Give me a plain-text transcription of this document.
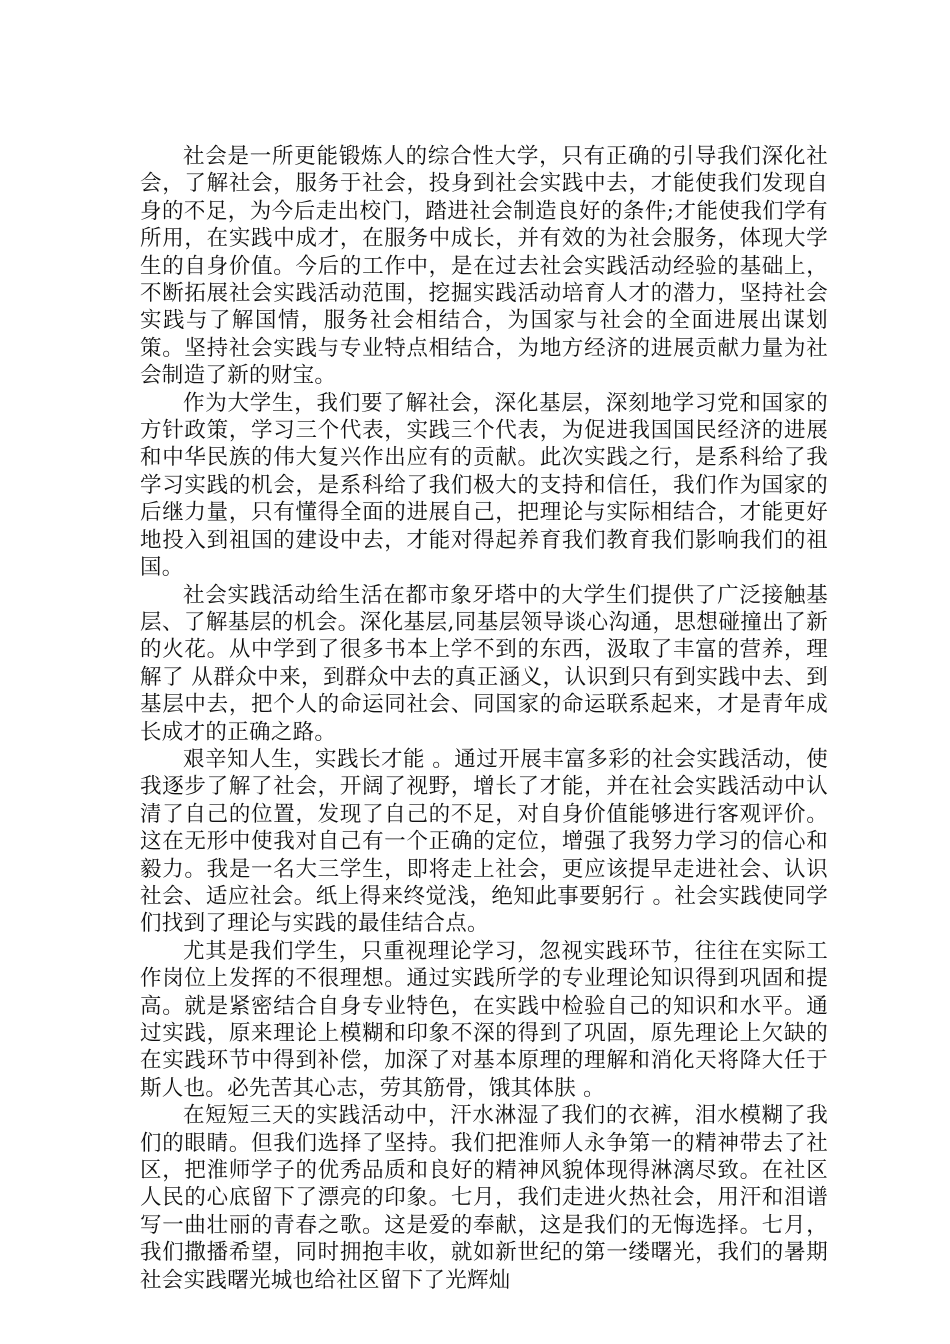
社会是一所更能锻炼人的综合性大学，只有正确的引导我们深化社会，了解社会，服务于社会，投身到社会实践中去，才能使我们发现自身的不足，为今后走出校门，踏进社会制造良好的条件;才能使我们学有所用，在实践中成才，在服务中成长，并有效的为社会服务，体现大学生的自身价值。今后的工作中，是在过去社会实践活动经验的基础上，不断拓展社会实践活动范围，挖掘实践活动培育人才的潜力，坚持社会实践与了解国情，服务社会相结合，为国家与社会的全面进展出谋划策。坚持社会实践与专业特点相结合，为地方经济的进展贡献力量为社会制造了新的财宝。

作为大学生，我们要了解社会，深化基层，深刻地学习党和国家的方针政策，学习三个代表，实践三个代表，为促进我国国民经济的进展和中华民族的伟大复兴作出应有的贡献。此次实践之行，是系科给了我学习实践的机会，是系科给了我们极大的支持和信任，我们作为国家的后继力量，只有懂得全面的进展自己，把理论与实际相结合，才能更好地投入到祖国的建设中去，才能对得起养育我们教育我们影响我们的祖国。

社会实践活动给生活在都市象牙塔中的大学生们提供了广泛接触基层、了解基层的机会。深化基层,同基层领导谈心沟通，思想碰撞出了新的火花。从中学到了很多书本上学不到的东西，汲取了丰富的营养，理解了 从群众中来，到群众中去的真正涵义，认识到只有到实践中去、到基层中去，把个人的命运同社会、同国家的命运联系起来，才是青年成长成才的正确之路。

艰辛知人生，实践长才能 。通过开展丰富多彩的社会实践活动，使我逐步了解了社会，开阔了视野，增长了才能，并在社会实践活动中认清了自己的位置，发现了自己的不足，对自身价值能够进行客观评价。这在无形中使我对自己有一个正确的定位，增强了我努力学习的信心和毅力。我是一名大三学生，即将走上社会，更应该提早走进社会、认识社会、适应社会。纸上得来终觉浅，绝知此事要躬行 。社会实践使同学们找到了理论与实践的最佳结合点。

尤其是我们学生，只重视理论学习，忽视实践环节，往往在实际工作岗位上发挥的不很理想。通过实践所学的专业理论知识得到巩固和提高。就是紧密结合自身专业特色，在实践中检验自己的知识和水平。通过实践，原来理论上模糊和印象不深的得到了巩固，原先理论上欠缺的在实践环节中得到补偿，加深了对基本原理的理解和消化天将降大任于斯人也。必先苦其心志，劳其筋骨，饿其体肤 。

在短短三天的实践活动中，汗水淋湿了我们的衣裤，泪水模糊了我们的眼睛。但我们选择了坚持。我们把淮师人永争第一的精神带去了社区，把淮师学子的优秀品质和良好的精神风貌体现得淋漓尽致。在社区人民的心底留下了漂亮的印象。七月，我们走进火热社会，用汗和泪谱写一曲壮丽的青春之歌。这是爱的奉献，这是我们的无悔选择。七月，我们撒播希望，同时拥抱丰收，就如新世纪的第一缕曙光，我们的暑期社会实践曙光城也给社区留下了光辉灿
